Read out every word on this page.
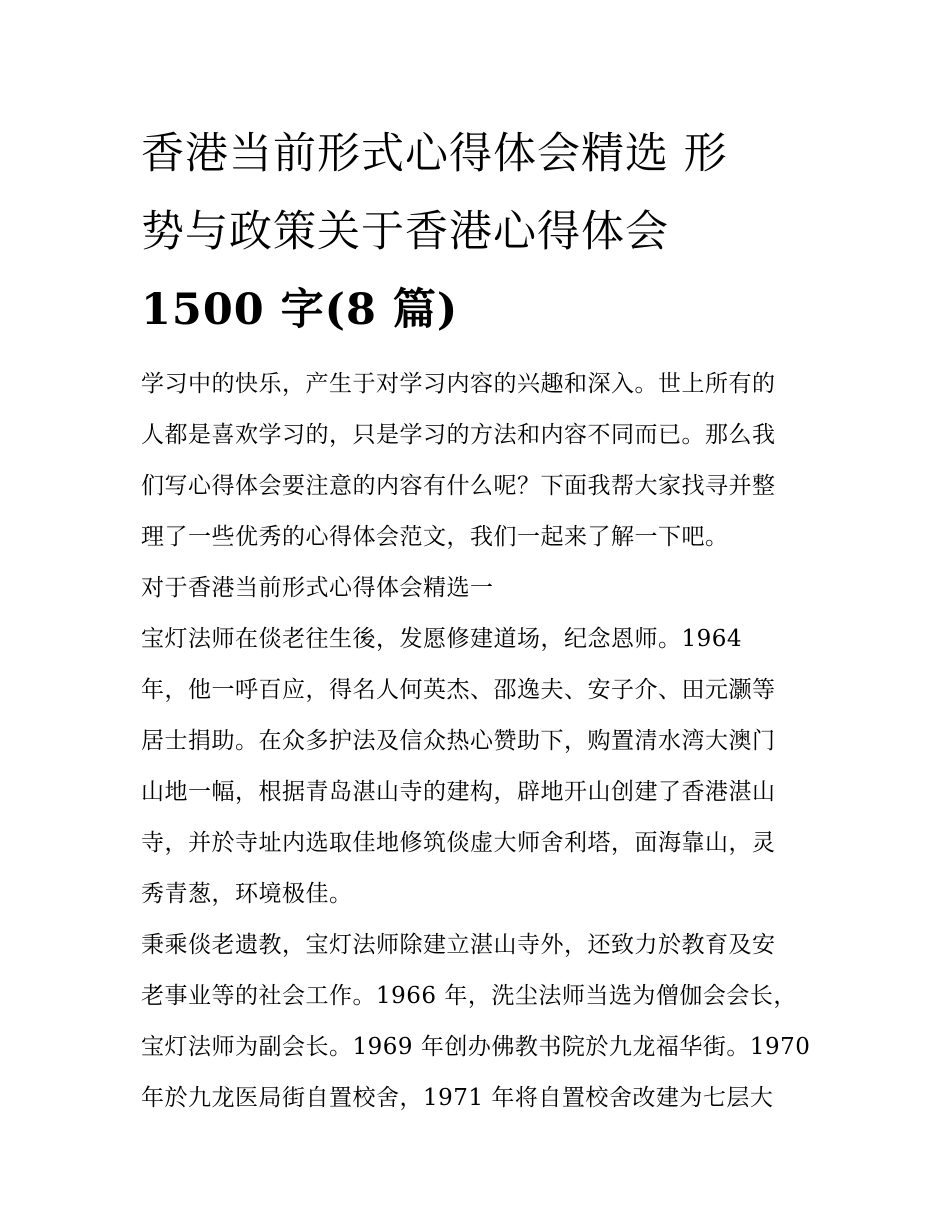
香港当前形式心得体会精选 形
势与政策关于香港心得体会
1500 字(8 篇)

学习中的快乐，产生于对学习内容的兴趣和深入。世上所有的
人都是喜欢学习的，只是学习的方法和内容不同而已。那么我
们写心得体会要注意的内容有什么呢？下面我帮大家找寻并整
理了一些优秀的心得体会范文，我们一起来了解一下吧。

对于香港当前形式心得体会精选一

宝灯法师在倓老往生後，发愿修建道场，纪念恩师。1964
年，他一呼百应，得名人何英杰、邵逸夫、安子介、田元灏等
居士捐助。在众多护法及信众热心赞助下，购置清水湾大澳门
山地一幅，根据青岛湛山寺的建构，辟地开山创建了香港湛山
寺，并於寺址内选取佳地修筑倓虚大师舍利塔，面海靠山，灵
秀青葱，环境极佳。

秉乘倓老遗教，宝灯法师除建立湛山寺外，还致力於教育及安
老事业等的社会工作。1966 年，洗尘法师当选为僧伽会会长，
宝灯法师为副会长。1969 年创办佛教书院於九龙福华街。1970
年於九龙医局街自置校舍，1971 年将自置校舍改建为七层大
